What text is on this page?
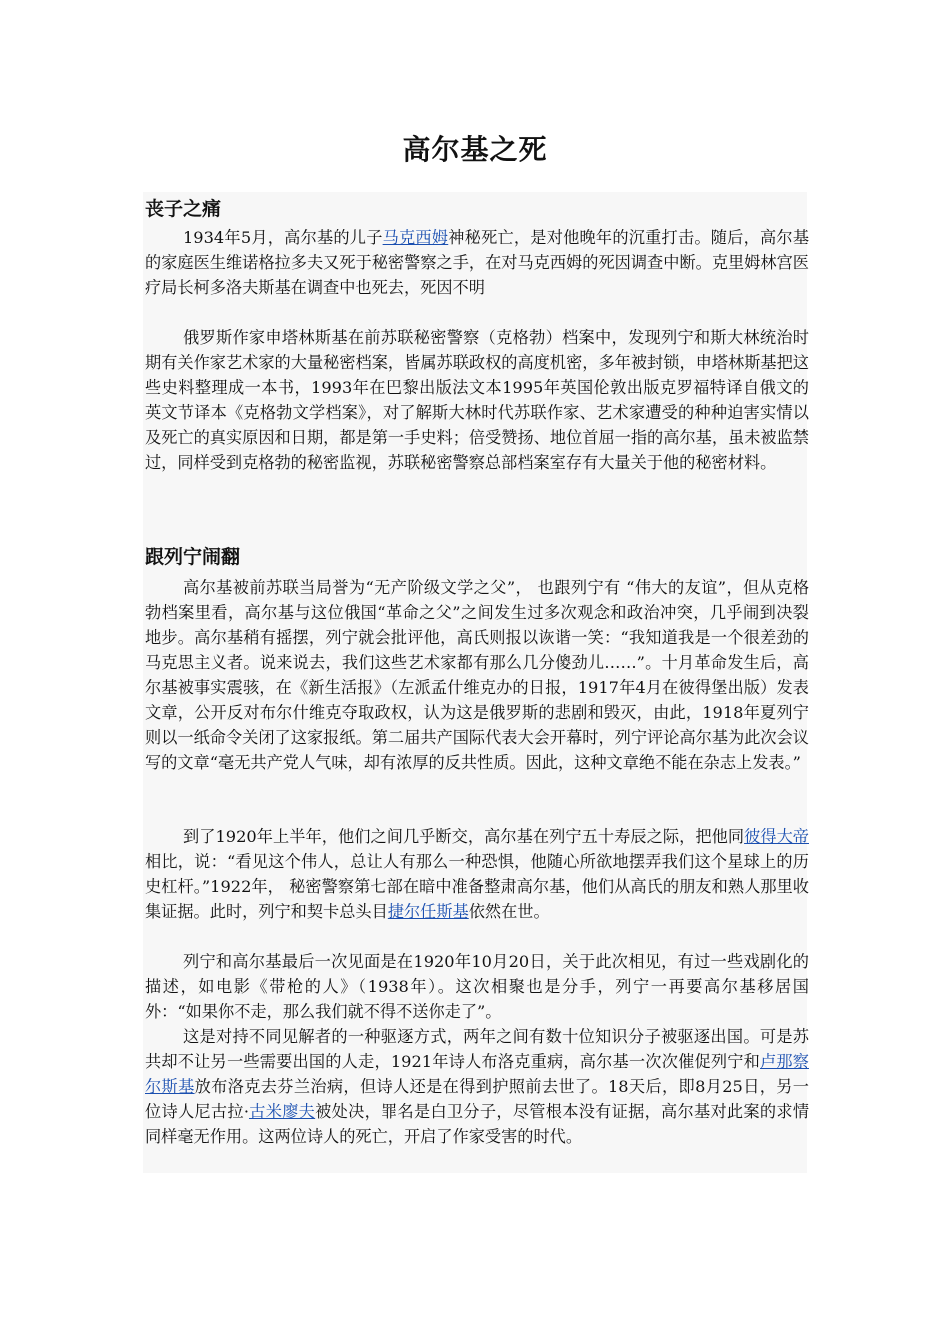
高尔基之死
丧子之痛

1934年5月，高尔基的儿子马克西姆神秘死亡，是对他晚年的沉重打击。随后，高尔基的家庭医生维诺格拉多夫又死于秘密警察之手，在对马克西姆的死因调查中断。克里姆林宫医疗局长柯多洛夫斯基在调查中也死去，死因不明

俄罗斯作家申塔林斯基在前苏联秘密警察（克格勃）档案中，发现列宁和斯大林统治时期有关作家艺术家的大量秘密档案，皆属苏联政权的高度机密，多年被封锁，申塔林斯基把这些史料整理成一本书，1993年在巴黎出版法文本1995年英国伦敦出版克罗福特译自俄文的英文节译本《克格勃文学档案》，对了解斯大林时代苏联作家、艺术家遭受的种种迫害实情以及死亡的真实原因和日期，都是第一手史料；倍受赞扬、地位首屈一指的高尔基，虽未被监禁过，同样受到克格勃的秘密监视，苏联秘密警察总部档案室存有大量关于他的秘密材料。

跟列宁闹翻

高尔基被前苏联当局誉为“无产阶级文学之父”， 也跟列宁有 “伟大的友谊”，但从克格勃档案里看，高尔基与这位俄国“革命之父”之间发生过多次观念和政治冲突，几乎闹到决裂地步。高尔基稍有摇摆，列宁就会批评他，高氏则报以诙谐一笑：“我知道我是一个很差劲的马克思主义者。说来说去，我们这些艺术家都有那么几分傻劲儿……”。十月革命发生后，高尔基被事实震骇，在《新生活报》（左派孟什维克办的日报，1917年4月在彼得堡出版）发表文章，公开反对布尔什维克夺取政权，认为这是俄罗斯的悲剧和毁灭，由此，1918年夏列宁则以一纸命令关闭了这家报纸。第二届共产国际代表大会开幕时，列宁评论高尔基为此次会议写的文章“毫无共产党人气味，却有浓厚的反共性质。因此，这种文章绝不能在杂志上发表。”

到了1920年上半年，他们之间几乎断交，高尔基在列宁五十寿辰之际，把他同彼得大帝相比，说：“看见这个伟人，总让人有那么一种恐惧，他随心所欲地摆弄我们这个星球上的历史杠杆。”1922年， 秘密警察第七部在暗中准备整肃高尔基，他们从高氏的朋友和熟人那里收集证据。此时，列宁和契卡总头目捷尔任斯基依然在世。

列宁和高尔基最后一次见面是在1920年10月20日，关于此次相见，有过一些戏剧化的描述，如电影《带枪的人》（1938年）。这次相聚也是分手，列宁一再要高尔基移居国外：“如果你不走，那么我们就不得不送你走了”。

这是对持不同见解者的一种驱逐方式，两年之间有数十位知识分子被驱逐出国。可是苏共却不让另一些需要出国的人走，1921年诗人布洛克重病，高尔基一次次催促列宁和卢那察尔斯基放布洛克去芬兰治病，但诗人还是在得到护照前去世了。18天后，即8月25日，另一位诗人尼古拉·古米廖夫被处决，罪名是白卫分子，尽管根本没有证据，高尔基对此案的求情同样毫无作用。这两位诗人的死亡，开启了作家受害的时代。
